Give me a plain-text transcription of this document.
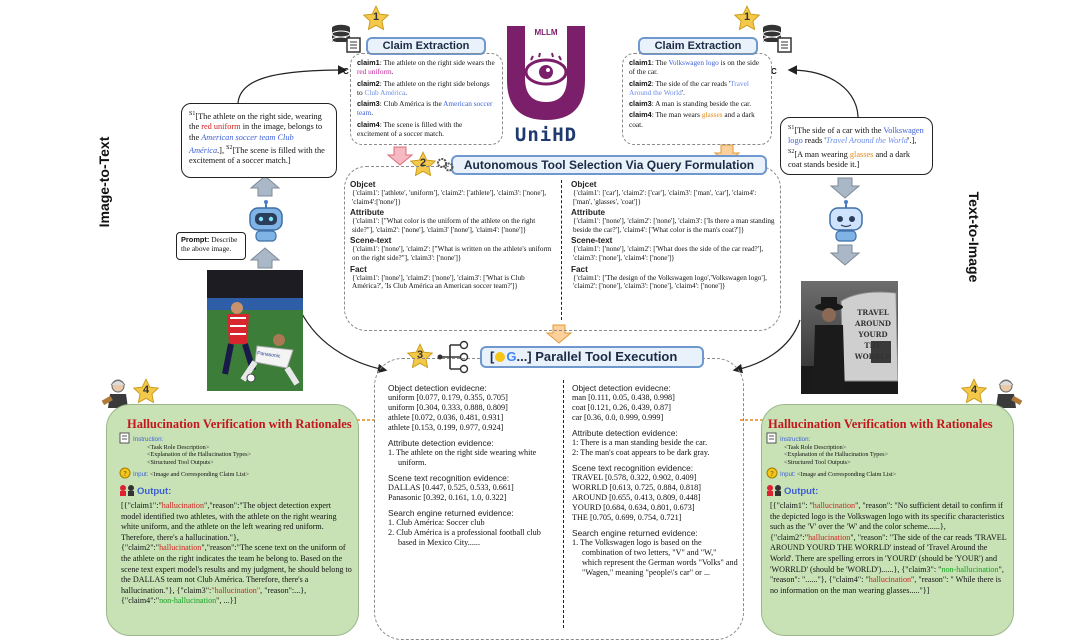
1	1
2
3
4	4
C	C
Claim Extraction
claim1: The athlete on the right side wears the red uniform.
claim2: The athlete on the right side belongs to Club América.
claim3: Club América is the American soccer team.
claim4: The scene is filled with the excitement of a soccer match.
MLLM
UniHD
Claim Extraction
claim1: The Volkswagen logo is on the side of the car.
claim2: The side of the car reads 'Travel Around the World'.
claim3: A man is standing beside the car.
claim4: The man wears glasses and a dark coat.
$^{S1}$[The athlete on the right side, wearing the red uniform in the image, belongs to the American soccer team Club América.], $^{S2}$[The scene is filled with the excitement of a soccer match.]
$^{S1}$[The side of a car with the Volkswagen logo reads 'Travel Around the World'.], $^{S2}$[A man wearing glasses and a dark coat stands beside it.]
Prompt: Describe the above image.
Image-to-Text
Text-to-Image
Panasonic
TRAVEL AROUND YOURD THE WORRLD
Autonomous Tool Selection Via Query Formulation
Objcet
{'claim1': ['athlete', 'uniform'], 'claim2': ['athlete'], 'claim3': ['none'], 'claim4':['none']}
Attribute
{'claim1': ["What color is the uniform of the athlete on the right side?"], 'claim2': ['none'], 'claim3' ['none'], 'claim4': ['none']}
Scene-text
{'claim1': ['none'], 'claim2': ["What is written on the athlete's uniform on the right side?"], 'claim3': ['none']}
Fact
{'claim1': ['none'], 'claim2': ['none'], 'claim3': ['What is Club América?', 'Is Club América an American soccer team?']}
Objcet
{'claim1': ['car'], 'claim2': ['car'], 'claim3': ['man', 'car'], 'claim4': ['man', 'glasses', 'coat']}
Attribute
{'claim1': ['none'], 'claim2': ['none'], 'claim3': ['Is there a man standing beside the car?'], 'claim4': ['What color is the man's coat?']}
Scene-text
{'claim1': ['none'], 'claim2': ['What does the side of the car read?'], 'claim3': ['none'], 'claim4': ['none']}
Fact
{'claim1': ['The design of the Volkswagen logo','Volkswagen logo'], 'claim2': ['none'], 'claim3': ['none'], 'claim4': ['none']}
[ G...] Parallel Tool Execution
Object detection evidecne:
uniform [0.077, 0.179, 0.355, 0.705]
uniform [0.304, 0.333, 0.888, 0.809]
athlete [0.072, 0.036, 0.481, 0.931]
athlete [0.153, 0.199, 0.977, 0.924]
Attribute detection evidence:
1. The athlete on the right side wearing white uniform.
Scene text recognition evidence:
DALLAS [0.447, 0.525, 0.533, 0.661]
Panasonic [0.392, 0.161, 1.0, 0.322]
Search engine returned evidence:
1. Club América: Soccer club
2. Club América is a professional football club based in Mexico City......
Object detection evidecne:
man [0.111, 0.05, 0.438, 0.998]
coat [0.121, 0.26, 0.439, 0.87]
car [0.36, 0.0, 0.999, 0.999]
Attribute detection evidence:
1: There is a man standing beside the car.
2: The man's coat appears to be dark gray.
Scene text recognition evidence:
TRAVEL [0.578, 0.322, 0.902, 0.409]
WORRLD [0.613, 0.725, 0.884, 0.818]
AROUND [0.655, 0.413, 0.809, 0.448]
YOURD [0.684, 0.634, 0.801, 0.673]
THE [0.705, 0.699, 0.754, 0.721]
Search engine returned evidence:
1. The Volkswagen logo is based on the combination of two letters, "V" and "W," which represent the German words "Volks" and "Wagen," meaning "people\'s car" or ...
Hallucination Verification with Rationales
Instruction:
<Task Role Description>
<Explanation of the Hallucination Types>
<Structured Tool Outputs>
? Input: <Image and Corresponding Claim List>
Output:
[{"claim1":"hallucination","reason":"The object detection expert model identified two athletes, with the athlete on the right wearing white uniform, and the athlete on the left wearing red uniform. Therefore, there's a hallucination."}, {"claim2":"hallucination","reason":"The scene text on the uniform of the athlete on the right indicates the team he belong to. Based on the scene text expert model's results and my judgment, he should belong to the DALLAS team not Club América. Therefore, there's a hallucination."}, {"claim3":"hallucination", "reason":...}, {"claim4":"non-hallucination", ...}]
Hallucination Verification with Rationales
Instruction:
<Task Role Description>
<Explanation of the Hallucination Types>
<Structured Tool Outputs>
? Input: <Image and Corresponding Claim List>
Output:
[{"claim1": "hallucination", "reason": "No sufficient detail to confirm if the depicted logo is the Volkswagen logo with its specific characteristics such as the 'V' over the 'W' and the color scheme......}, {"claim2":"hallucination", "reason": "The side of the car reads 'TRAVEL AROUND YOURD THE WORRLD' instead of 'Travel Around the World'. There are spelling errors in 'YOURD' (should be 'YOUR') and 'WORRLD' (should be 'WORLD')......}, {"claim3": "non-hallucination", "reason": "......"}, {"claim4": "hallucination", "reason": " While there is no information on the man wearing glasses....."}]
